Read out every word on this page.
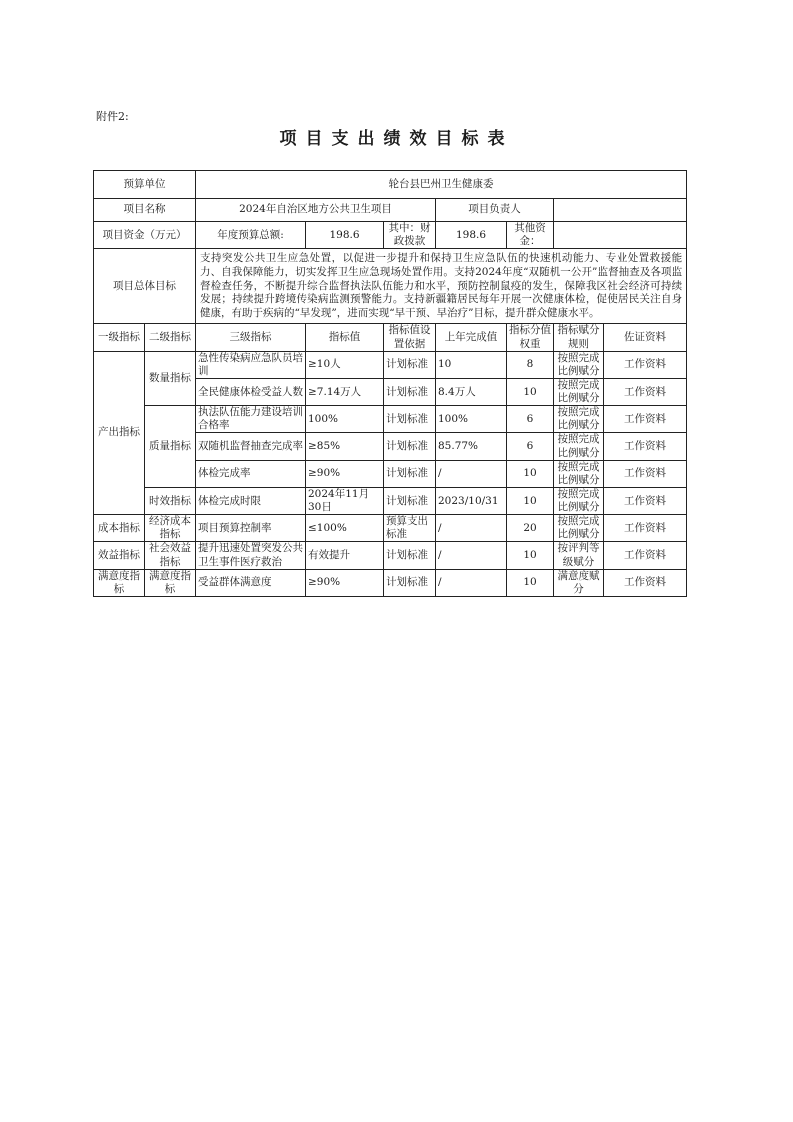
附件2:
项目支出绩效目标表
预算单位		轮台县巴州卫生健康委						
项目名称		2024年自治区地方公共卫生项目			项目负责人			
项目资金（万元）		年度预算总额:	198.6	其中：财政拨款	198.6	其他资金：		
项目总体目标		支持突发公共卫生应急处置，以促进一步提升和保持卫生应急队伍的快速机动能力、专业处置救援能力、自我保障能力，切实发挥卫生应急现场处置作用。支持2024年度“双随机一公开”监督抽查及各项监督检查任务，不断提升综合监督执法队伍能力和水平，预防控制鼠疫的发生，保障我区社会经济可持续发展；持续提升跨境传染病监测预警能力。支持新疆籍居民每年开展一次健康体检，促使居民关注自身健康，有助于疾病的“早发现”，进而实现“早干预、早治疗”目标，提升群众健康水平。						
一级指标	二级指标	三级指标	指标值	指标值设置依据	上年完成值	指标分值权重	指标赋分规则	佐证资料
产出指标	数量指标	急性传染病应急队员培训	≥10人	计划标准	10	8	按照完成比例赋分	工作资料
		全民健康体检受益人数	≥7.14万人	计划标准	8.4万人	10	按照完成比例赋分	工作资料
	质量指标	执法队伍能力建设培训合格率	100%	计划标准	100%	6	按照完成比例赋分	工作资料
		双随机监督抽查完成率	≥85%	计划标准	85.77%	6	按照完成比例赋分	工作资料
		体检完成率	≥90%	计划标准	/	10	按照完成比例赋分	工作资料
	时效指标	体检完成时限	2024年11月30日	计划标准	2023/10/31	10	按照完成比例赋分	工作资料
成本指标	经济成本指标	项目预算控制率	≤100%	预算支出标准	/	20	按照完成比例赋分	工作资料
效益指标	社会效益指标	提升迅速处置突发公共卫生事件医疗救治	有效提升	计划标准	/	10	按评判等级赋分	工作资料
满意度指标	满意度指标	受益群体满意度	≥90%	计划标准	/	10	满意度赋分	工作资料
